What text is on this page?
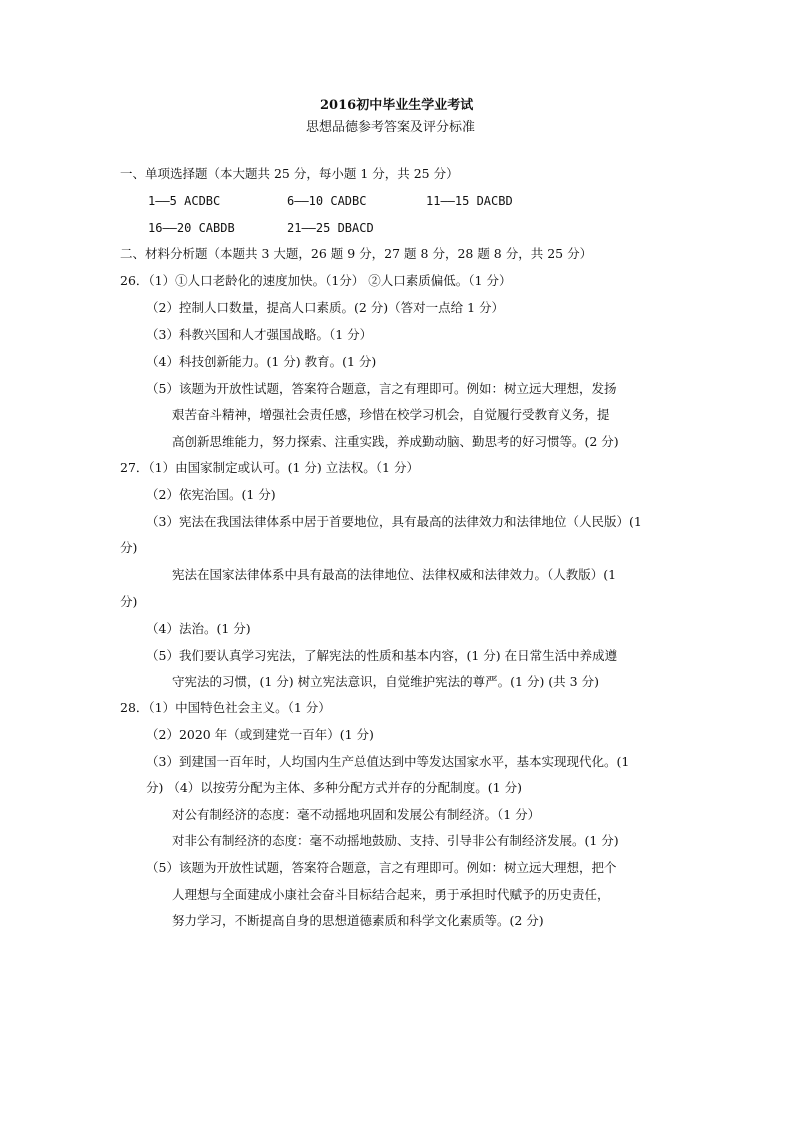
2016初中毕业生学业考试
思想品德参考答案及评分标准
一、单项选择题（本大题共 25 分，每小题 1 分，共 25 分）
1——5 ACDBC	6——10 CADBC	11——15 DACBD
16——20 CABDB	21——25 DBACD
二、材料分析题（本题共 3 大题，26 题 9 分，27 题 8 分，28 题 8 分，共 25 分）
26．（1）①人口老龄化的速度加快。（1分） ②人口素质偏低。（1 分）
（2）控制人口数量，提高人口素质。(2 分)（答对一点给 1 分）
（3）科教兴国和人才强国战略。（1 分）
（4）科技创新能力。(1 分) 教育。(1 分)
（5）该题为开放性试题，答案符合题意，言之有理即可。例如：树立远大理想，发扬
艰苦奋斗精神，增强社会责任感，珍惜在校学习机会，自觉履行受教育义务，提
高创新思维能力，努力探索、注重实践，养成勤动脑、勤思考的好习惯等。(2 分)
27．（1）由国家制定或认可。(1 分) 立法权。（1 分）
（2）依宪治国。(1 分)
（3）宪法在我国法律体系中居于首要地位，具有最高的法律效力和法律地位（人民版）(1
分)
宪法在国家法律体系中具有最高的法律地位、法律权威和法律效力。（人教版）(1
分)
（4）法治。(1 分)
（5）我们要认真学习宪法，了解宪法的性质和基本内容，(1 分) 在日常生活中养成遵
守宪法的习惯，(1 分) 树立宪法意识，自觉维护宪法的尊严。(1 分) (共 3 分)
28．（1）中国特色社会主义。（1 分）
（2）2020 年（或到建党一百年）(1 分)
（3）到建国一百年时，人均国内生产总值达到中等发达国家水平，基本实现现代化。(1
分) （4）以按劳分配为主体、多种分配方式并存的分配制度。(1 分)
对公有制经济的态度：毫不动摇地巩固和发展公有制经济。（1 分）
对非公有制经济的态度：毫不动摇地鼓励、支持、引导非公有制经济发展。(1 分)
（5）该题为开放性试题，答案符合题意，言之有理即可。例如：树立远大理想，把个
人理想与全面建成小康社会奋斗目标结合起来，勇于承担时代赋予的历史责任，
努力学习，不断提高自身的思想道德素质和科学文化素质等。(2 分)
